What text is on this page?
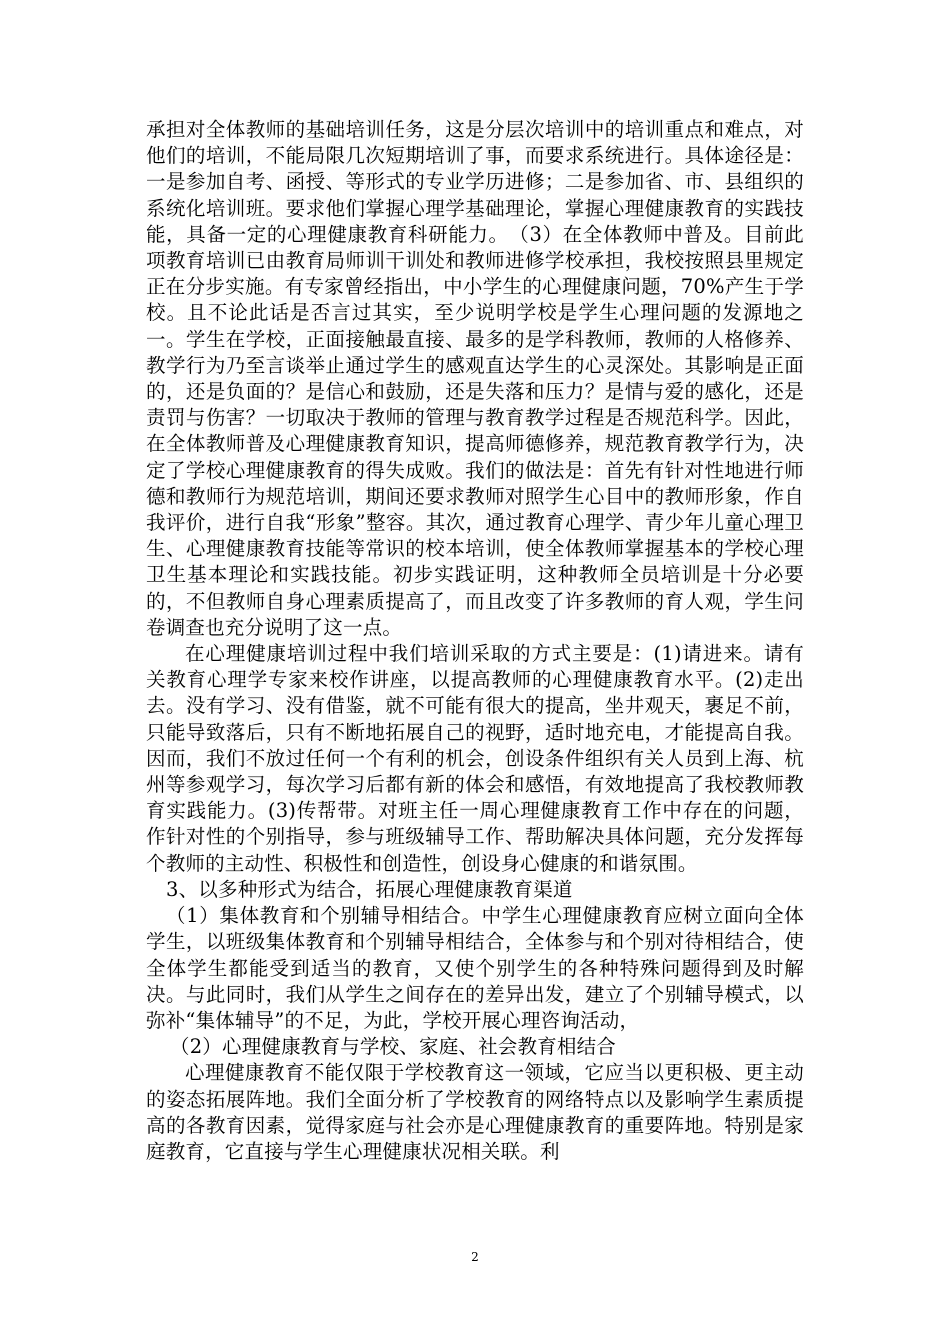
承担对全体教师的基础培训任务，这是分层次培训中的培训重点和难点，对他们的培训，不能局限几次短期培训了事，而要求系统进行。具体途径是：一是参加自考、函授、等形式的专业学历进修；二是参加省、市、县组织的系统化培训班。要求他们掌握心理学基础理论，掌握心理健康教育的实践技能，具备一定的心理健康教育科研能力。　（3）在全体教师中普及。目前此项教育培训已由教育局师训干训处和教师进修学校承担，我校按照县里规定正在分步实施。有专家曾经指出，中小学生的心理健康问题，70%产生于学校。且不论此话是否言过其实，至少说明学校是学生心理问题的发源地之一。学生在学校，正面接触最直接、最多的是学科教师，教师的人格修养、教学行为乃至言谈举止通过学生的感观直达学生的心灵深处。其影响是正面的，还是负面的？是信心和鼓励，还是失落和压力？是情与爱的感化，还是责罚与伤害？一切取决于教师的管理与教育教学过程是否规范科学。因此，在全体教师普及心理健康教育知识，提高师德修养，规范教育教学行为，决定了学校心理健康教育的得失成败。我们的做法是：首先有针对性地进行师德和教师行为规范培训，期间还要求教师对照学生心目中的教师形象，作自我评价，进行自我“形象”整容。其次，通过教育心理学、青少年儿童心理卫生、心理健康教育技能等常识的校本培训，使全体教师掌握基本的学校心理卫生基本理论和实践技能。初步实践证明，这种教师全员培训是十分必要的，不但教师自身心理素质提高了，而且改变了许多教师的育人观，学生问卷调查也充分说明了这一点。

在心理健康培训过程中我们培训采取的方式主要是：(1)请进来。请有关教育心理学专家来校作讲座，以提高教师的心理健康教育水平。(2)走出去。没有学习、没有借鉴，就不可能有很大的提高，坐井观天，裹足不前，只能导致落后，只有不断地拓展自己的视野，适时地充电，才能提高自我。因而，我们不放过任何一个有利的机会，创设条件组织有关人员到上海、杭州等参观学习，每次学习后都有新的体会和感悟，有效地提高了我校教师教育实践能力。(3)传帮带。对班主任一周心理健康教育工作中存在的问题，作针对性的个别指导，参与班级辅导工作、帮助解决具体问题，充分发挥每个教师的主动性、积极性和创造性，创设身心健康的和谐氛围。

3、以多种形式为结合，拓展心理健康教育渠道

（1）集体教育和个别辅导相结合。中学生心理健康教育应树立面向全体学生，以班级集体教育和个别辅导相结合，全体参与和个别对待相结合，使全体学生都能受到适当的教育，又使个别学生的各种特殊问题得到及时解决。与此同时，我们从学生之间存在的差异出发，建立了个别辅导模式，以弥补“集体辅导”的不足，为此，学校开展心理咨询活动，

（2）心理健康教育与学校、家庭、社会教育相结合

心理健康教育不能仅限于学校教育这一领域，它应当以更积极、更主动的姿态拓展阵地。我们全面分析了学校教育的网络特点以及影响学生素质提高的各教育因素，觉得家庭与社会亦是心理健康教育的重要阵地。特别是家庭教育，它直接与学生心理健康状况相关联。利

2
